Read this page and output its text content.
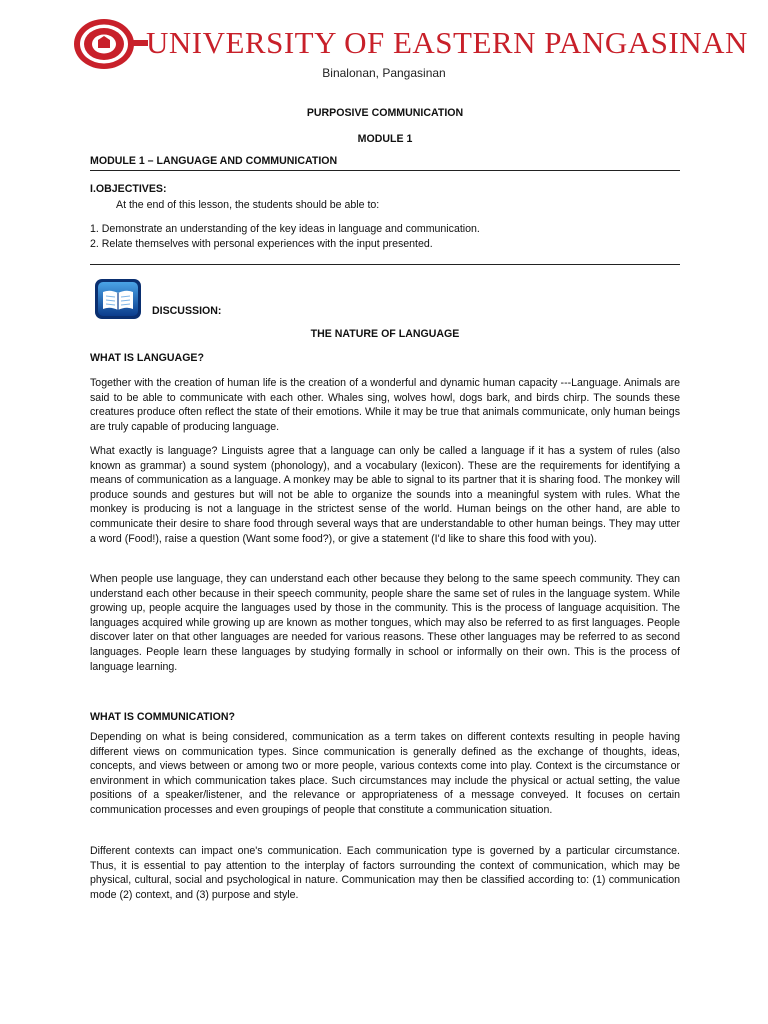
UNIVERSITY OF EASTERN PANGASINAN
Binalonan, Pangasinan

PURPOSIVE COMMUNICATION

MODULE 1

MODULE 1 – LANGUAGE AND COMMUNICATION

I.OBJECTIVES:

At the end of this lesson, the students should be able to:

1. Demonstrate an understanding of the key ideas in language and communication.

2. Relate themselves with personal experiences with the input presented.

DISCUSSION:

THE NATURE OF LANGUAGE

WHAT IS LANGUAGE?

Together with the creation of human life is the creation of a wonderful and dynamic human capacity ---Language. Animals are said to be able to communicate with each other. Whales sing, wolves howl, dogs bark, and birds chirp. The sounds these creatures produce often reflect the state of their emotions. While it may be true that animals communicate, only human beings are truly capable of producing language.

What exactly is language? Linguists agree that a language can only be called a language if it has a system of rules (also known as grammar) a sound system (phonology), and a vocabulary (lexicon). These are the requirements for identifying a means of communication as a language. A monkey may be able to signal to its partner that it is sharing food. The monkey will produce sounds and gestures but will not be able to organize the sounds into a meaningful system with rules. What the monkey is producing is not a language in the strictest sense of the world. Human beings on the other hand, are able to communicate their desire to share food through several ways that are understandable to other human beings. They may utter a word (Food!), raise a question (Want some food?), or give a statement (I'd like to share this food with you).

When people use language, they can understand each other because they belong to the same speech community. They can understand each other because in their speech community, people share the same set of rules in the language system. While growing up, people acquire the languages used by those in the community. This is the process of language acquisition. The languages acquired while growing up are known as mother tongues, which may also be referred to as first languages. People discover later on that other languages are needed for various reasons. These other languages may be referred to as second languages. People learn these languages by studying formally in school or informally on their own. This is the process of language learning.

WHAT IS COMMUNICATION?

Depending on what is being considered, communication as a term takes on different contexts resulting in people having different views on communication types. Since communication is generally defined as the exchange of thoughts, ideas, concepts, and views between or among two or more people, various contexts come into play. Context is the circumstance or environment in which communication takes place. Such circumstances may include the physical or actual setting, the value positions of a speaker/listener, and the relevance or appropriateness of a message conveyed. It focuses on certain communication processes and even groupings of people that constitute a communication situation.

Different contexts can impact one's communication. Each communication type is governed by a particular circumstance. Thus, it is essential to pay attention to the interplay of factors surrounding the context of communication, which may be physical, cultural, social and psychological in nature. Communication may then be classified according to: (1) communication mode (2) context, and (3) purpose and style.
